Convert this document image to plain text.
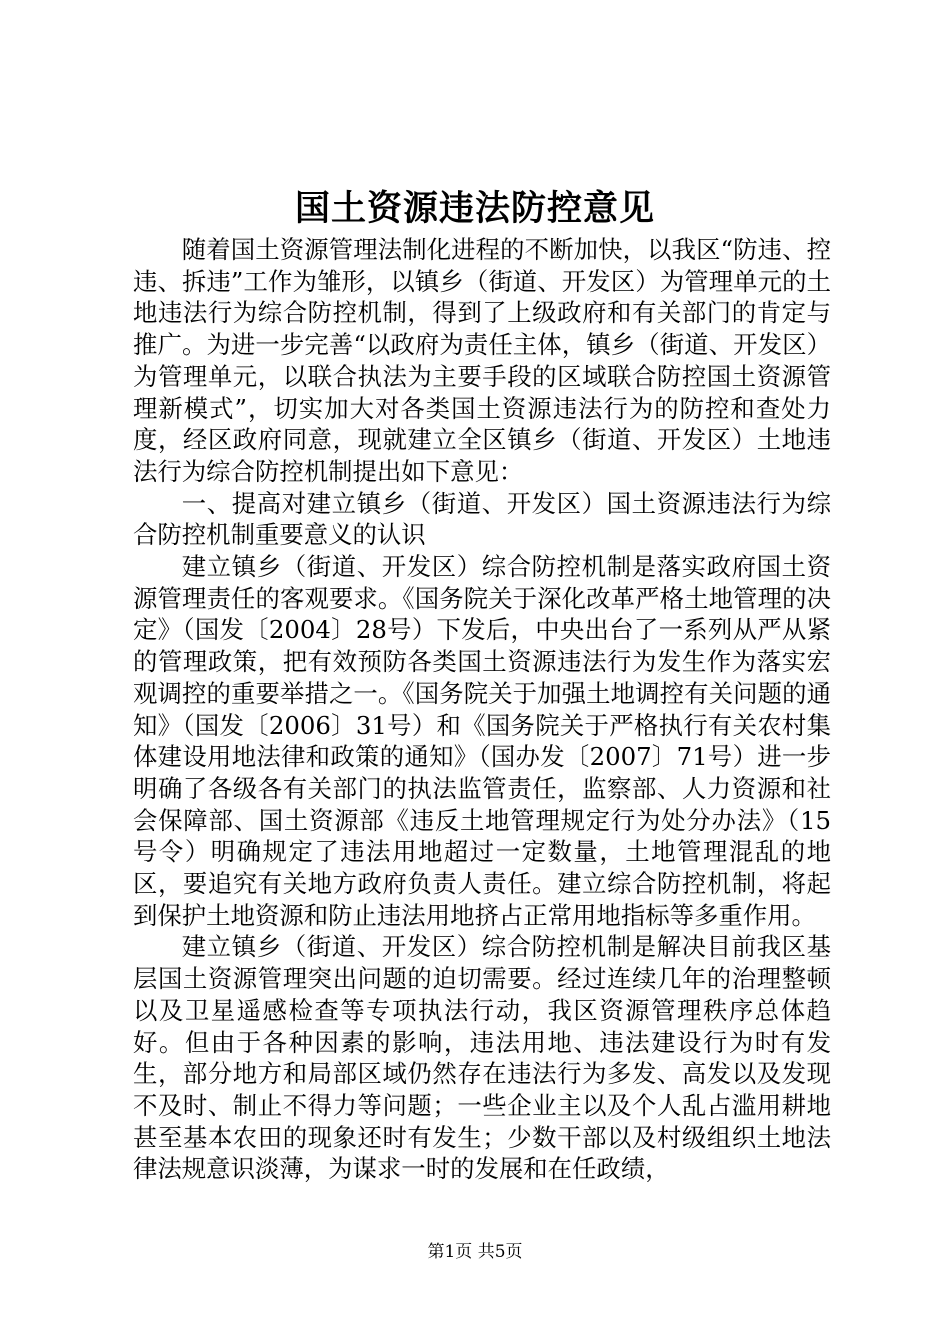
国土资源违法防控意见

随着国土资源管理法制化进程的不断加快，以我区“防违、控违、拆违”工作为雏形，以镇乡（街道、开发区）为管理单元的土地违法行为综合防控机制，得到了上级政府和有关部门的肯定与推广。为进一步完善“以政府为责任主体，镇乡（街道、开发区）为管理单元，以联合执法为主要手段的区域联合防控国土资源管理新模式”，切实加大对各类国土资源违法行为的防控和查处力度，经区政府同意，现就建立全区镇乡（街道、开发区）土地违法行为综合防控机制提出如下意见：

一、提高对建立镇乡（街道、开发区）国土资源违法行为综合防控机制重要意义的认识

建立镇乡（街道、开发区）综合防控机制是落实政府国土资源管理责任的客观要求。《国务院关于深化改革严格土地管理的决定》（国发〔2004〕28号）下发后，中央出台了一系列从严从紧的管理政策，把有效预防各类国土资源违法行为发生作为落实宏观调控的重要举措之一。《国务院关于加强土地调控有关问题的通知》（国发〔2006〕31号）和《国务院关于严格执行有关农村集体建设用地法律和政策的通知》（国办发〔2007〕71号）进一步明确了各级各有关部门的执法监管责任，监察部、人力资源和社会保障部、国土资源部《违反土地管理规定行为处分办法》（15号令）明确规定了违法用地超过一定数量，土地管理混乱的地区，要追究有关地方政府负责人责任。建立综合防控机制，将起到保护土地资源和防止违法用地挤占正常用地指标等多重作用。

建立镇乡（街道、开发区）综合防控机制是解决目前我区基层国土资源管理突出问题的迫切需要。经过连续几年的治理整顿以及卫星遥感检查等专项执法行动，我区资源管理秩序总体趋好。但由于各种因素的影响，违法用地、违法建设行为时有发生，部分地方和局部区域仍然存在违法行为多发、高发以及发现不及时、制止不得力等问题；一些企业主以及个人乱占滥用耕地甚至基本农田的现象还时有发生；少数干部以及村级组织土地法律法规意识淡薄，为谋求一时的发展和在任政绩，

第1页 共5页
